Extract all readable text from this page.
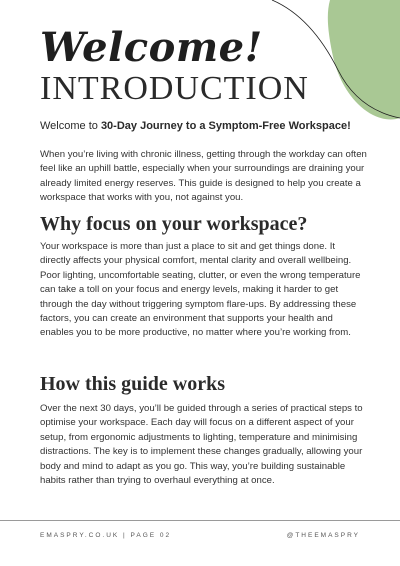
Welcome!
INTRODUCTION
Welcome to 30-Day Journey to a Symptom-Free Workspace!

When you’re living with chronic illness, getting through the workday can often feel like an uphill battle, especially when your surroundings are draining your already limited energy reserves. This guide is designed to help you create a workspace that works with you, not against you.

Why focus on your workspace?

Your workspace is more than just a place to sit and get things done. It directly affects your physical comfort, mental clarity and overall wellbeing. Poor lighting, uncomfortable seating, clutter, or even the wrong temperature can take a toll on your focus and energy levels, making it harder to get through the day without triggering symptom flare-ups. By addressing these factors, you can create an environment that supports your health and enables you to be more productive, no matter where you’re working from.

How this guide works

Over the next 30 days, you’ll be guided through a series of practical steps to optimise your workspace. Each day will focus on a different aspect of your setup, from ergonomic adjustments to lighting, temperature and minimising distractions. The key is to implement these changes gradually, allowing your body and mind to adapt as you go. This way, you’re building sustainable habits rather than trying to overhaul everything at once.

EMASPRY.CO.UK | PAGE 02	@THEEMASPRY
